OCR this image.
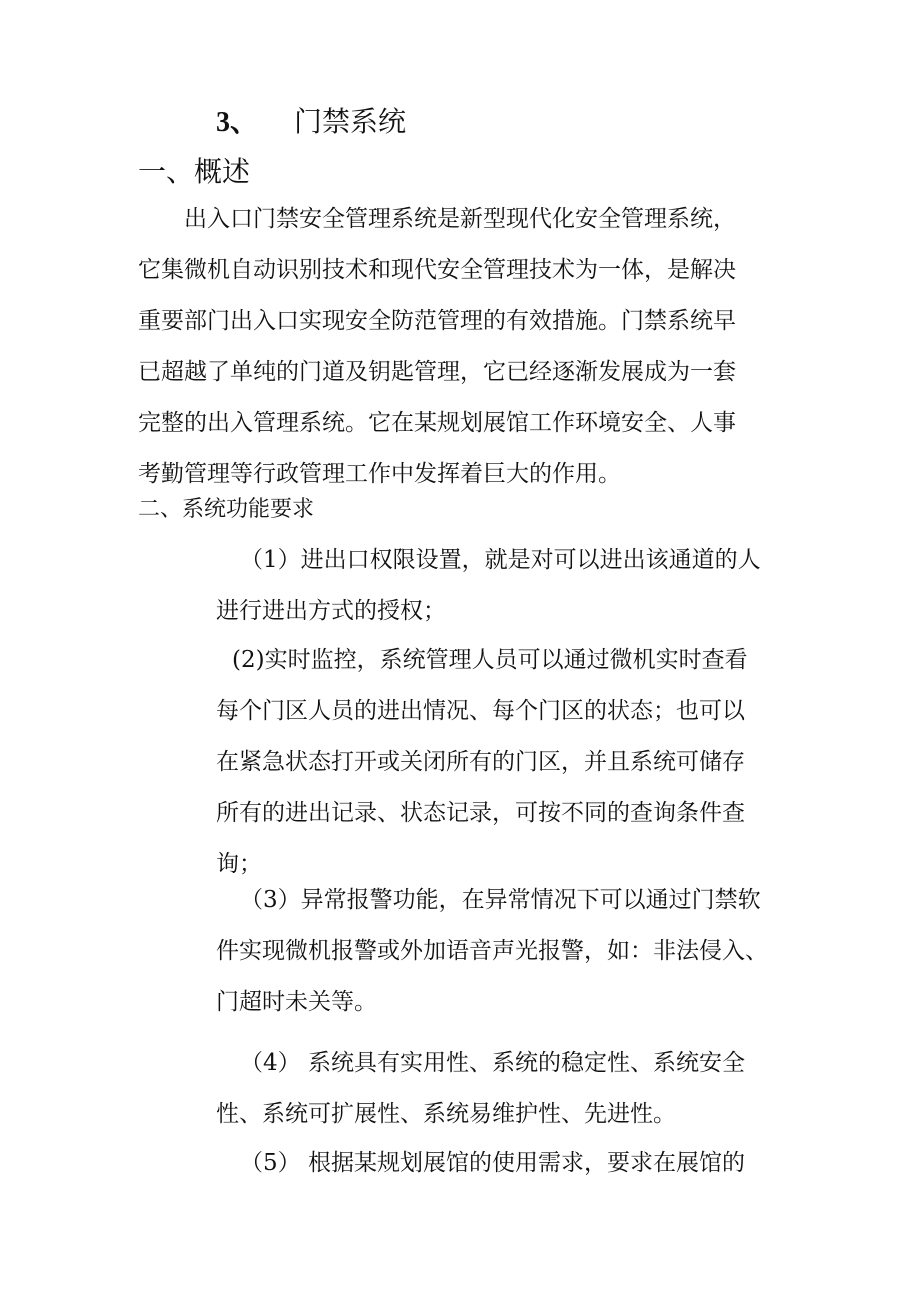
3、 门禁系统
一、概述
出入口门禁安全管理系统是新型现代化安全管理系统，
它集微机自动识别技术和现代安全管理技术为一体，是解决
重要部门出入口实现安全防范管理的有效措施。门禁系统早
已超越了单纯的门道及钥匙管理，它已经逐渐发展成为一套
完整的出入管理系统。它在某规划展馆工作环境安全、人事
考勤管理等行政管理工作中发挥着巨大的作用。
二、系统功能要求
（1）进出口权限设置，就是对可以进出该通道的人
进行进出方式的授权；
(2)实时监控，系统管理人员可以通过微机实时查看
每个门区人员的进出情况、每个门区的状态；也可以
在紧急状态打开或关闭所有的门区，并且系统可储存
所有的进出记录、状态记录，可按不同的查询条件查
询；
（3）异常报警功能，在异常情况下可以通过门禁软
件实现微机报警或外加语音声光报警，如：非法侵入、
门超时未关等。
（4） 系统具有实用性、系统的稳定性、系统安全
性、系统可扩展性、系统易维护性、先进性。
（5） 根据某规划展馆的使用需求，要求在展馆的
